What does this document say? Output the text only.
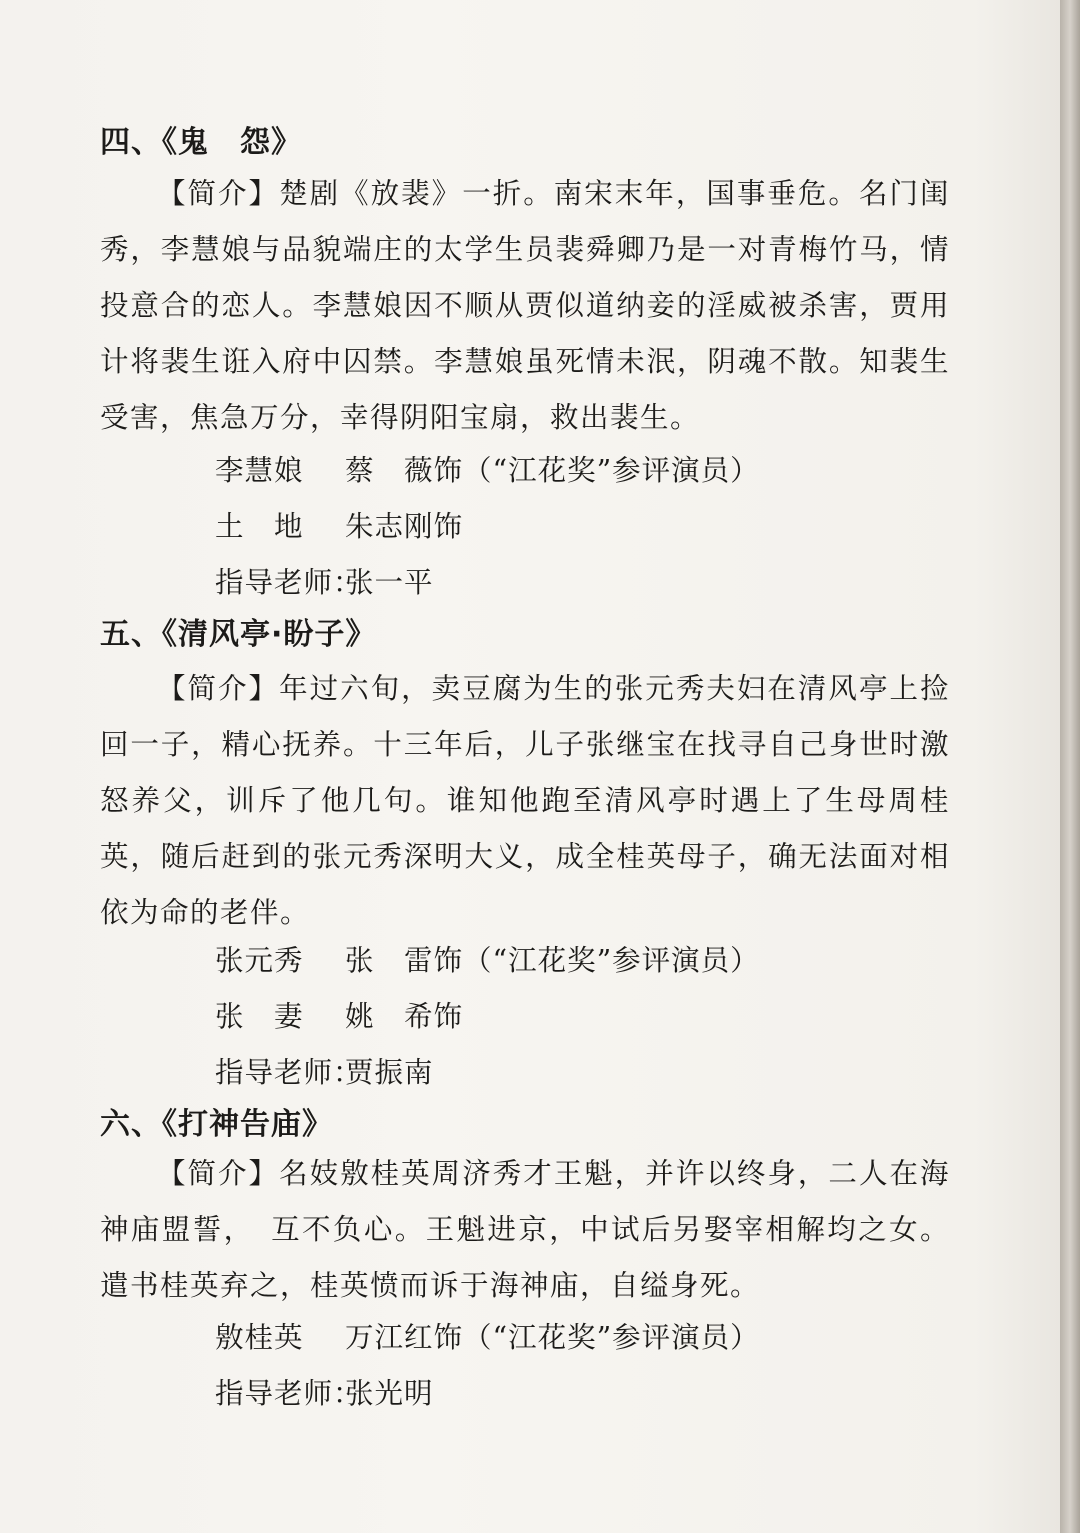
四、《鬼　怨》

【简介】楚剧《放裴》一折。南宋末年，国事垂危。名门闺秀，李慧娘与品貌端庄的太学生员裴舜卿乃是一对青梅竹马，情投意合的恋人。李慧娘因不顺从贾似道纳妾的淫威被杀害，贾用计将裴生诳入府中囚禁。李慧娘虽死情未泯，阴魂不散。知裴生受害，焦急万分，幸得阴阳宝扇，救出裴生。

李慧娘 蔡　薇饰（“江花奖”参评演员）
土　地 朱志刚饰
指导老师：张一平
五、《清风亭·盼子》

【简介】年过六旬，卖豆腐为生的张元秀夫妇在清风亭上捡回一子，精心抚养。十三年后，儿子张继宝在找寻自己身世时激怒养父，训斥了他几句。谁知他跑至清风亭时遇上了生母周桂英，随后赶到的张元秀深明大义，成全桂英母子，确无法面对相依为命的老伴。

张元秀 张　雷饰（“江花奖”参评演员）
张　妻 姚　希饰
指导老师：贾振南
六、《打神告庙》

【简介】名妓敫桂英周济秀才王魁，并许以终身，二人在海神庙盟誓，　互不负心。王魁进京，中试后另娶宰相解均之女。遣书桂英弃之，桂英愤而诉于海神庙，自缢身死。

敫桂英 万江红饰（“江花奖”参评演员）
指导老师：张光明
